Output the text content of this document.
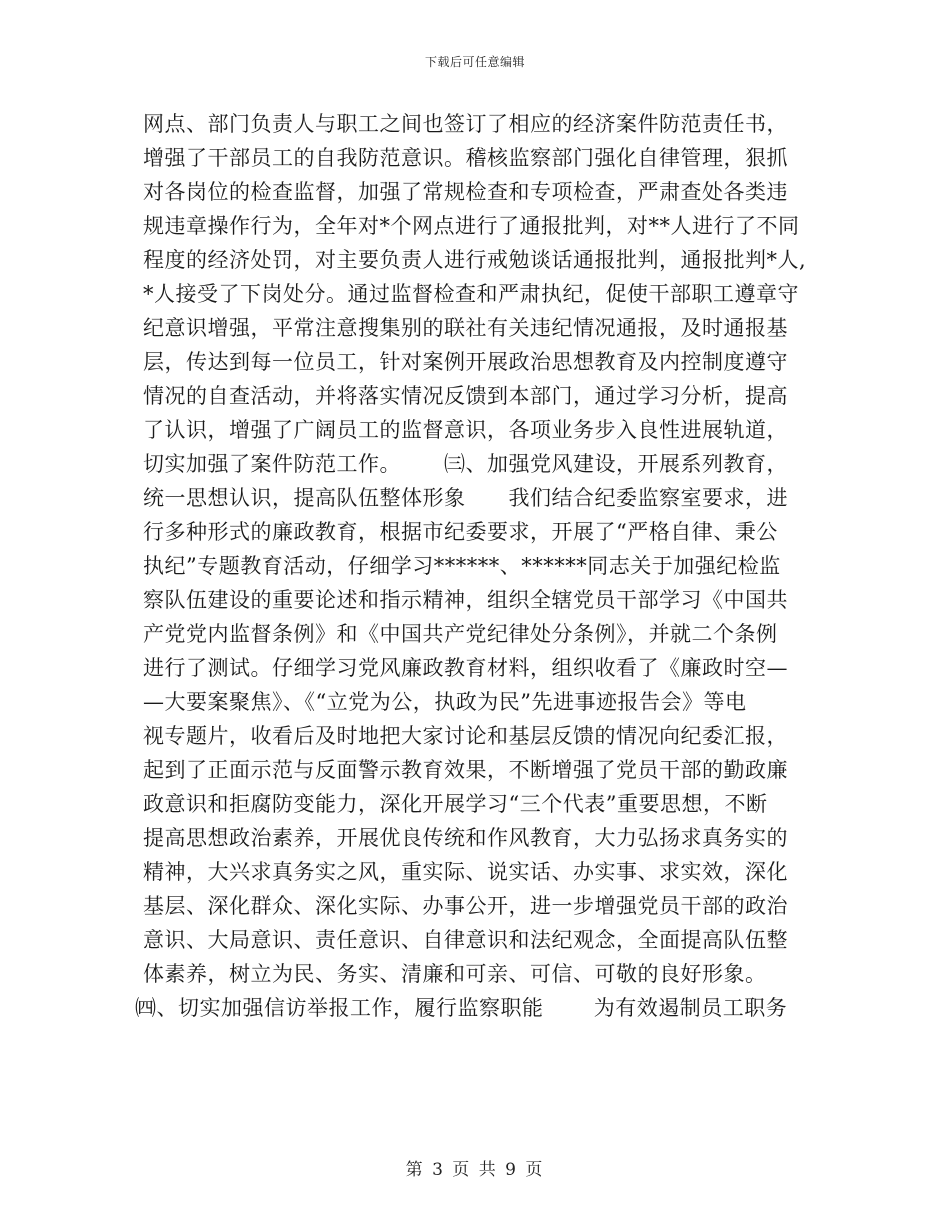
下载后可任意编辑
网点、部门负责人与职工之间也签订了相应的经济案件防范责任书，
增强了干部员工的自我防范意识。稽核监察部门强化自律管理，狠抓
对各岗位的检查监督，加强了常规检查和专项检查，严肃查处各类违
规违章操作行为，全年对*个网点进行了通报批判，对**人进行了不同
程度的经济处罚，对主要负责人进行戒勉谈话通报批判，通报批判*人,
*人接受了下岗处分。通过监督检查和严肃执纪，促使干部职工遵章守
纪意识增强，平常注意搜集别的联社有关违纪情况通报，及时通报基
层，传达到每一位员工，针对案例开展政治思想教育及内控制度遵守
情况的自查活动，并将落实情况反馈到本部门，通过学习分析，提高
了认识，增强了广阔员工的监督意识，各项业务步入良性进展轨道，
切实加强了案件防范工作。      ㈢、加强党风建设，开展系列教育，
统一思想认识，提高队伍整体形象      我们结合纪委监察室要求，进
行多种形式的廉政教育，根据市纪委要求，开展了“严格自律、秉公
执纪”专题教育活动，仔细学习******、******同志关于加强纪检监
察队伍建设的重要论述和指示精神，组织全辖党员干部学习《中国共
产党党内监督条例》和《中国共产党纪律处分条例》，并就二个条例
进行了测试。仔细学习党风廉政教育材料，组织收看了《廉政时空—
—大要案聚焦》、《“立党为公，执政为民”先进事迹报告会》等电
视专题片，收看后及时地把大家讨论和基层反馈的情况向纪委汇报，
起到了正面示范与反面警示教育效果，不断增强了党员干部的勤政廉
政意识和拒腐防变能力，深化开展学习“三个代表”重要思想，不断
提高思想政治素养，开展优良传统和作风教育，大力弘扬求真务实的
精神，大兴求真务实之风，重实际、说实话、办实事、求实效，深化
基层、深化群众、深化实际、办事公开，进一步增强党员干部的政治
意识、大局意识、责任意识、自律意识和法纪观念，全面提高队伍整
体素养，树立为民、务实、清廉和可亲、可信、可敬的良好形象。
㈣、切实加强信访举报工作，履行监察职能       为有效遏制员工职务
第 3 页 共 9 页
